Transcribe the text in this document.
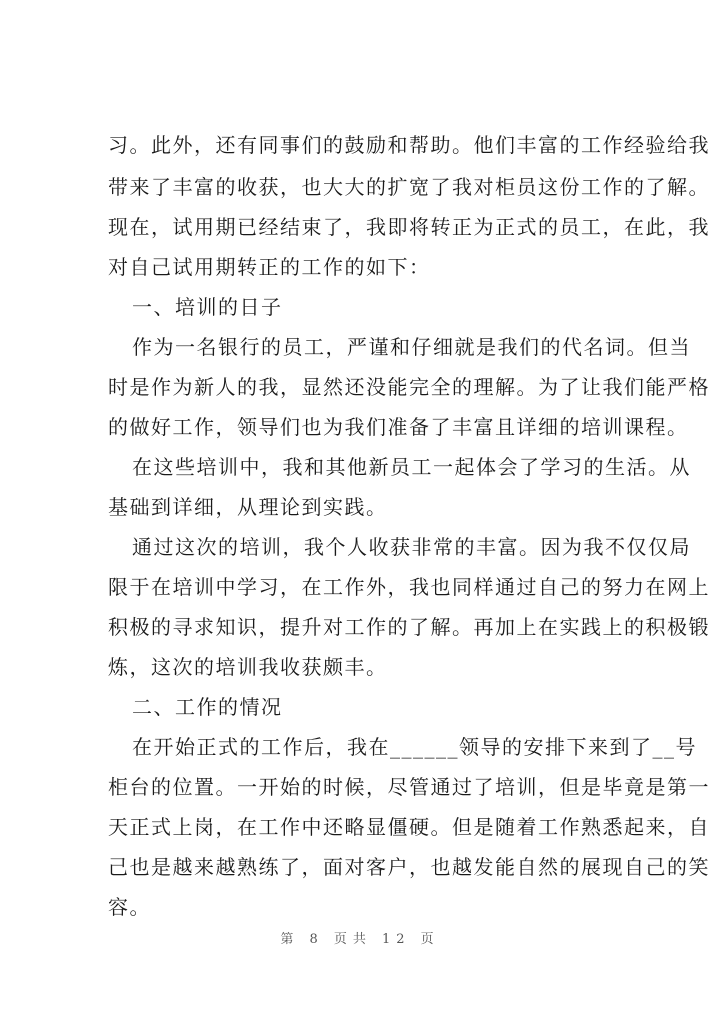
习。此外，还有同事们的鼓励和帮助。他们丰富的工作经验给我
带来了丰富的收获，也大大的扩宽了我对柜员这份工作的了解。
现在，试用期已经结束了，我即将转正为正式的员工，在此，我
对自己试用期转正的工作的如下：
一、培训的日子
作为一名银行的员工，严谨和仔细就是我们的代名词。但当
时是作为新人的我，显然还没能完全的理解。为了让我们能严格
的做好工作，领导们也为我们准备了丰富且详细的培训课程。
在这些培训中，我和其他新员工一起体会了学习的生活。从
基础到详细，从理论到实践。
通过这次的培训，我个人收获非常的丰富。因为我不仅仅局
限于在培训中学习，在工作外，我也同样通过自己的努力在网上
积极的寻求知识，提升对工作的了解。再加上在实践上的积极锻
炼，这次的培训我收获颇丰。
二、工作的情况
在开始正式的工作后，我在______领导的安排下来到了__号
柜台的位置。一开始的时候，尽管通过了培训，但是毕竟是第一
天正式上岗，在工作中还略显僵硬。但是随着工作熟悉起来，自
己也是越来越熟练了，面对客户，也越发能自然的展现自己的笑
容。
第 8 页共 12 页
